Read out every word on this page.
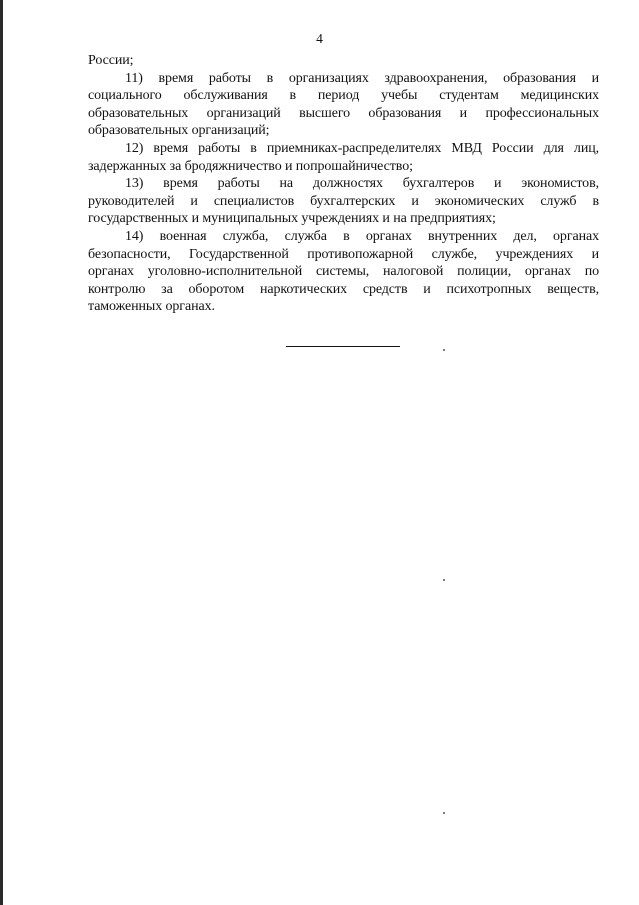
4
России;
11) время работы в организациях здравоохранения, образования и
социального обслуживания в период учебы студентам медицинских
образовательных организаций высшего образования и профессиональных
образовательных организаций;
12) время работы в приемниках-распределителях МВД России для лиц,
задержанных за бродяжничество и попрошайничество;
13) время работы на должностях бухгалтеров и экономистов,
руководителей и специалистов бухгалтерских и экономических служб в
государственных и муниципальных учреждениях и на предприятиях;
14) военная служба, служба в органах внутренних дел, органах
безопасности, Государственной противопожарной службе, учреждениях и
органах уголовно-исполнительной системы, налоговой полиции, органах по
контролю за оборотом наркотических средств и психотропных веществ,
таможенных органах.
